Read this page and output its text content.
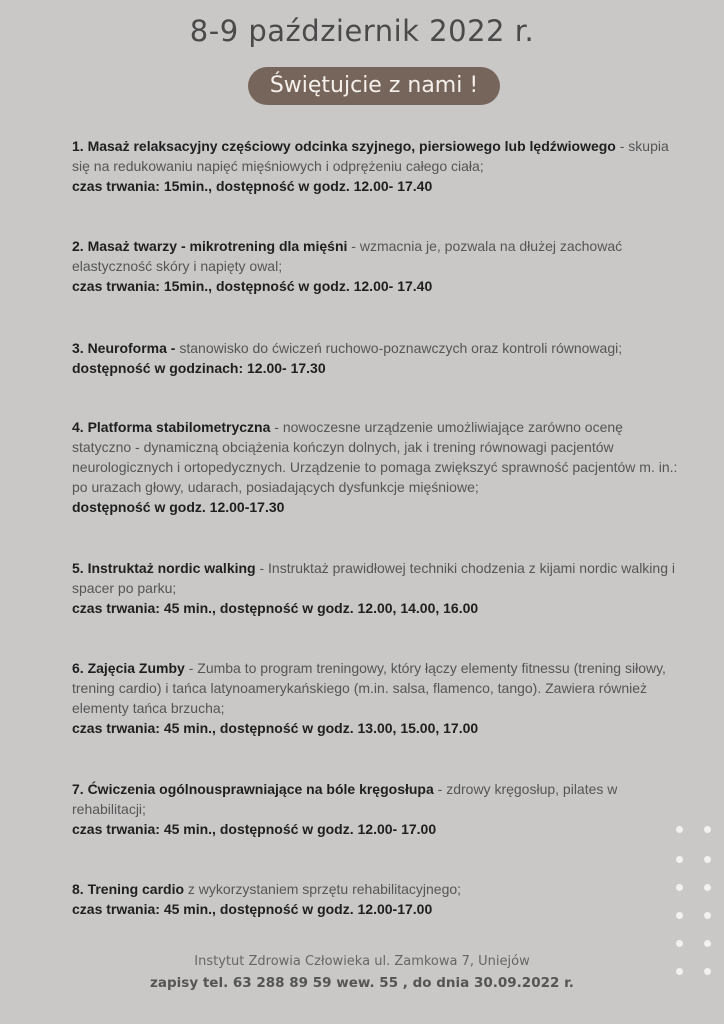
8-9 październik 2022 r.
Świętujcie z nami !
1. Masaż relaksacyjny częściowy odcinka szyjnego, piersiowego lub lędźwiowego - skupia się na redukowaniu napięć mięśniowych i odprężeniu całego ciała;
czas trwania: 15min., dostępność w godz. 12.00- 17.40
2. Masaż twarzy - mikrotrening dla mięśni - wzmacnia je, pozwala na dłużej zachować elastyczność skóry i napięty owal;
czas trwania: 15min., dostępność w godz. 12.00- 17.40
3. Neuroforma - stanowisko do ćwiczeń ruchowo-poznawczych oraz kontroli równowagi;
dostępność w godzinach: 12.00- 17.30
4. Platforma stabilometryczna - nowoczesne urządzenie umożliwiające zarówno ocenę statyczno - dynamiczną obciążenia kończyn dolnych, jak i trening równowagi pacjentów neurologicznych i ortopedycznych. Urządzenie to pomaga zwiększyć sprawność pacjentów m. in.: po urazach głowy, udarach, posiadających dysfunkcje mięśniowe;
dostępność w godz. 12.00-17.30
5. Instruktaż nordic walking - Instruktaż prawidłowej techniki chodzenia z kijami nordic walking i spacer po parku;
czas trwania: 45 min., dostępność w godz. 12.00, 14.00, 16.00
6. Zajęcia Zumby - Zumba to program treningowy, który łączy elementy fitnessu (trening siłowy, trening cardio) i tańca latynoamerykańskiego (m.in. salsa, flamenco, tango). Zawiera również elementy tańca brzucha;
czas trwania: 45 min., dostępność w godz. 13.00, 15.00, 17.00
7. Ćwiczenia ogólnousprawniające na bóle kręgosłupa - zdrowy kręgosłup, pilates w rehabilitacji;
czas trwania: 45 min., dostępność w godz. 12.00- 17.00
8. Trening cardio z wykorzystaniem sprzętu rehabilitacyjnego;
czas trwania: 45 min., dostępność w godz. 12.00-17.00
Instytut Zdrowia Człowieka ul. Zamkowa 7, Uniejów
zapisy tel. 63 288 89 59 wew. 55 , do dnia 30.09.2022 r.
